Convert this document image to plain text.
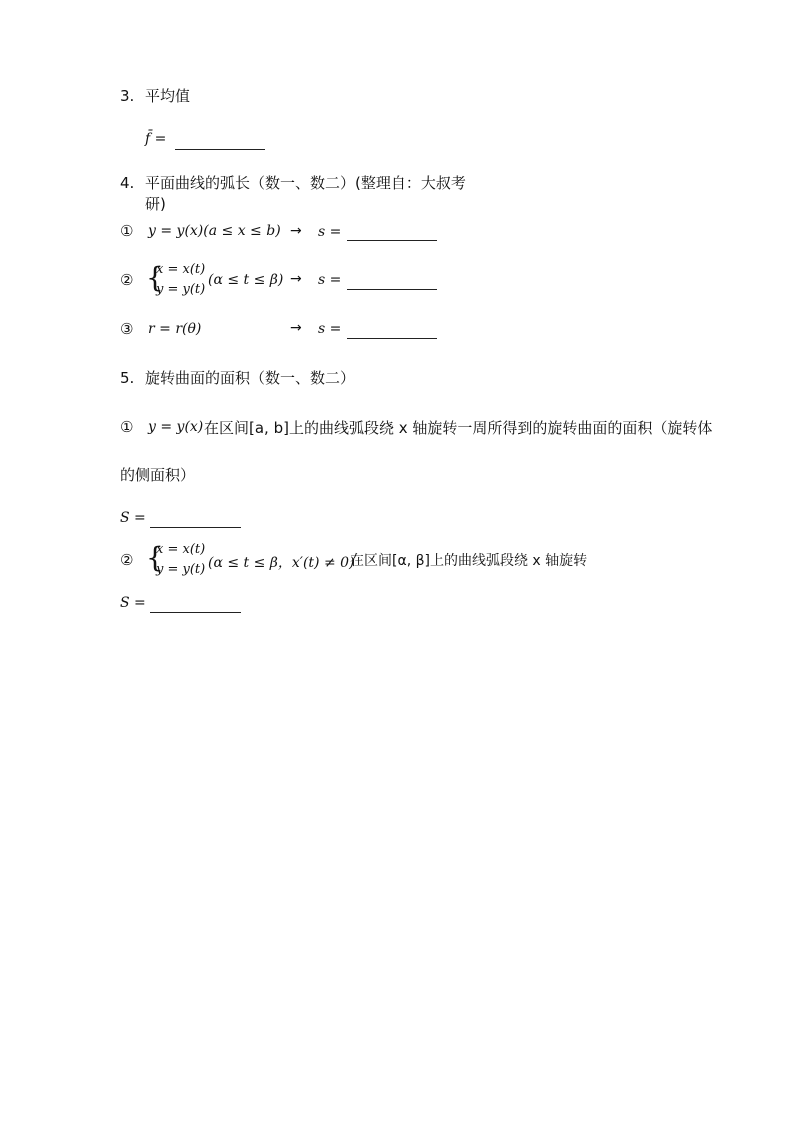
3. 平均值
f̄ =
4. 平面曲线的弧长（数一、数二）(整理自：大叔考
研)
① y = y(x)(a ≤ x ≤ b) → s =
② {
x = x(t)
y = y(t)
(α ≤ t ≤ β) → s =
③ r = r(θ)	→ s =
5. 旋转曲面的面积（数一、数二）
① y = y(x) 在区间[a, b]上的曲线弧段绕 x 轴旋转一周所得到的旋转曲面的面积（旋转体
的侧面积）
S =
② {
x = x(t)
y = y(t) (α ≤ t ≤ β，x′(t) ≠ 0)
在区间[α, β]上的曲线弧段绕 x 轴旋转
S =
